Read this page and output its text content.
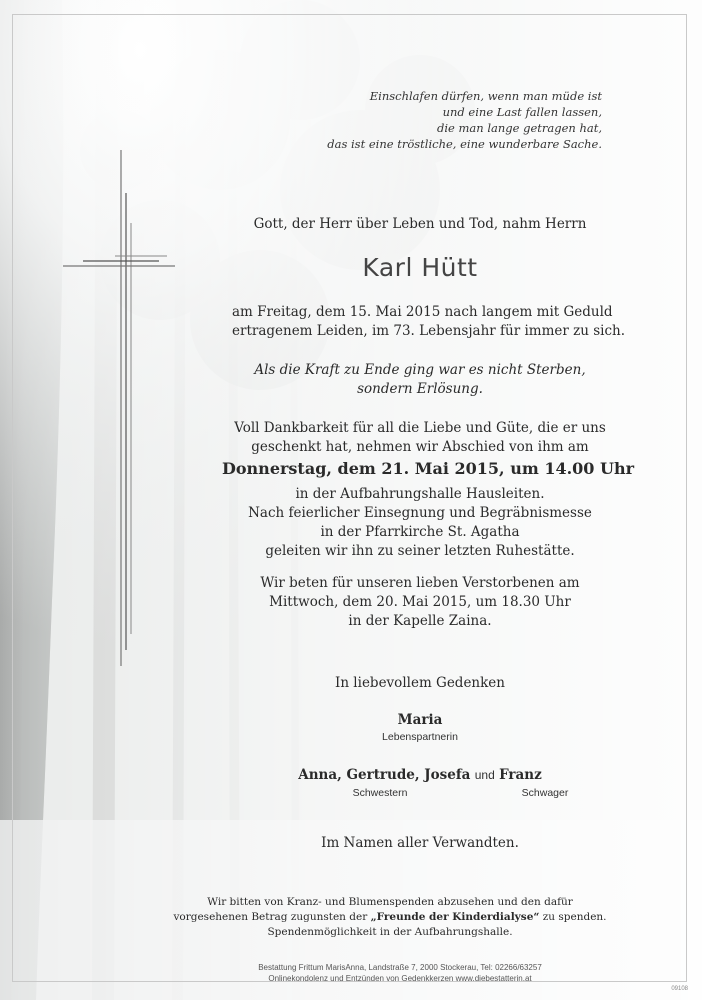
Einschlafen dürfen, wenn man müde ist
und eine Last fallen lassen,
die man lange getragen hat,
das ist eine tröstliche, eine wunderbare Sache.
Gott, der Herr über Leben und Tod, nahm Herrn
Karl Hütt
am Freitag, dem 15. Mai 2015 nach langem mit Geduld
ertragenem Leiden, im 73. Lebensjahr für immer zu sich.
Als die Kraft zu Ende ging war es nicht Sterben,
sondern Erlösung.
Voll Dankbarkeit für all die Liebe und Güte, die er uns
geschenkt hat, nehmen wir Abschied von ihm am
Donnerstag, dem 21. Mai 2015, um 14.00 Uhr
in der Aufbahrungshalle Hausleiten.
Nach feierlicher Einsegnung und Begräbnismesse
in der Pfarrkirche St. Agatha
geleiten wir ihn zu seiner letzten Ruhestätte.
Wir beten für unseren lieben Verstorbenen am
Mittwoch, dem 20. Mai 2015, um 18.30 Uhr
in der Kapelle Zaina.
In liebevollem Gedenken
Maria
Lebenspartnerin
Anna, Gertrude, Josefa und Franz
Schwestern	Schwager
Im Namen aller Verwandten.
Wir bitten von Kranz- und Blumenspenden abzusehen und den dafür
vorgesehenen Betrag zugunsten der „Freunde der Kinderdialyse“ zu spenden.
Spendenmöglichkeit in der Aufbahrungshalle.
Bestattung Frittum MarisAnna, Landstraße 7, 2000 Stockerau, Tel: 02266/63257
Onlinekondolenz und Entzünden von Gedenkkerzen www.diebestatterin.at
09108
